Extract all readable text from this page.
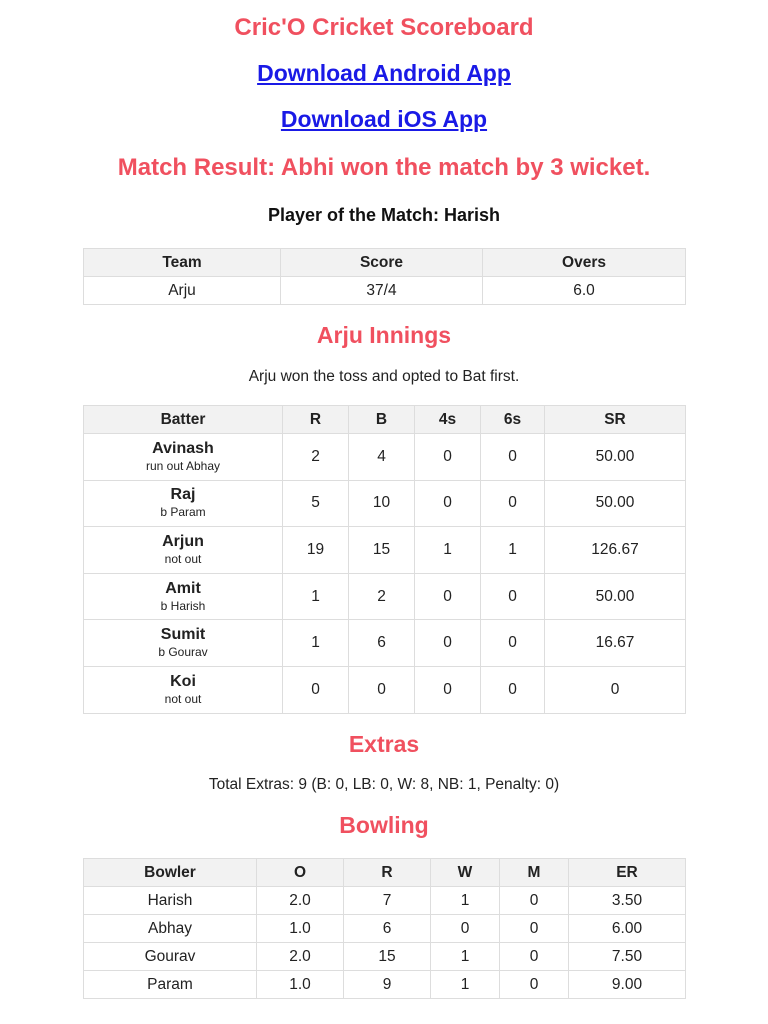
Cric'O Cricket Scoreboard
Download Android App
Download iOS App
Match Result: Abhi won the match by 3 wicket.
Player of the Match: Harish
Team	Score	Overs
Arju	37/4	6.0
Arju Innings
Arju won the toss and opted to Bat first.
Batter	R	B	4s	6s	SR

Avinash
run out Abhay	2	4	0	0	50.00

Raj
b Param	5	10	0	0	50.00

Arjun
not out	19	15	1	1	126.67

Amit
b Harish	1	2	0	0	50.00

Sumit
b Gourav	1	6	0	0	16.67

Koi
not out	0	0	0	0	0
Extras
Total Extras: 9 (B: 0, LB: 0, W: 8, NB: 1, Penalty: 0)
Bowling
Bowler	O	R	W	M	ER
Harish	2.0	7	1	0	3.50
Abhay	1.0	6	0	0	6.00
Gourav	2.0	15	1	0	7.50
Param	1.0	9	1	0	9.00
